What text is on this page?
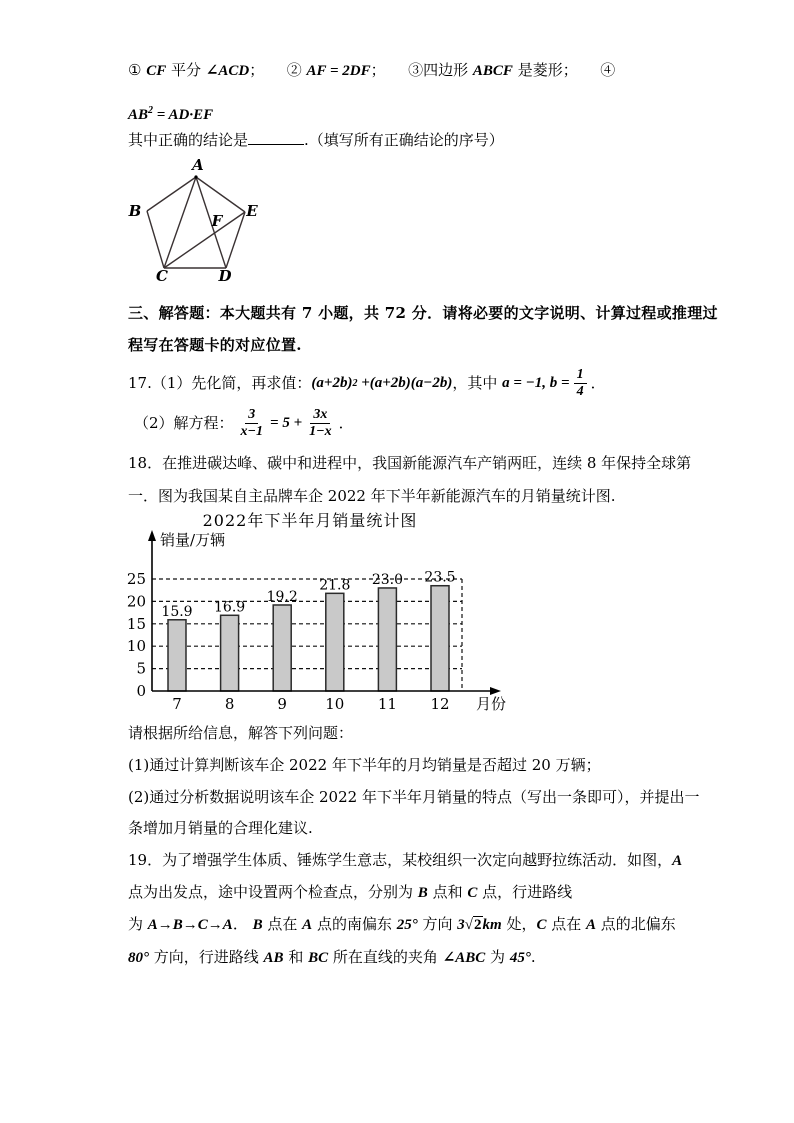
① CF 平分 ∠ACD；　　② AF = 2DF；　　③四边形 ABCF 是菱形；　　④
$AB^2 = AD\cdot EF$
其中正确的结论是	.（填写所有正确结论的序号）
A
B
C	D
E
F
三、解答题：本大题共有 7 小题，共 72 分．请将必要的文字说明、计算过程或推理过
程写在答题卡的对应位置.
17.（1）先化简，再求值： (a+2b) 2 +(a+2b)(a−2b) ，其中 a = −1, $b = \frac{1}{4}$ ．
（2）解方程： $\frac{3}{x-1} = 5 + \frac{3x}{1-x}$ ．
18．在推进碳达峰、碳中和进程中，我国新能源汽车产销两旺，连续 8 年保持全球第
一．图为我国某自主品牌车企 2022 年下半年新能源汽车的月销量统计图.
2022年下半年月销量统计图
0
5
10
15
20
25
15.9
7
16.9
8
19.2
9
21.8
10
23.0
11
23.5
12
销量/万辆
月份
请根据所给信息，解答下列问题：
(1)通过计算判断该车企 2022 年下半年的月均销量是否超过 20 万辆；
(2)通过分析数据说明该车企 2022 年下半年月销量的特点（写出一条即可），并提出一
条增加月销量的合理化建议.
19．为了增强学生体质、锤炼学生意志，某校组织一次定向越野拉练活动．如图，A
点为出发点，途中设置两个检查点，分别为 B 点和 C 点，行进路线
为 A→B→C→A． B 点在 A 点的南偏东 25° 方向 3√2km 处，C 点在 A 点的北偏东
80° 方向，行进路线 AB 和 BC 所在直线的夹角 ∠ABC 为 45°.
